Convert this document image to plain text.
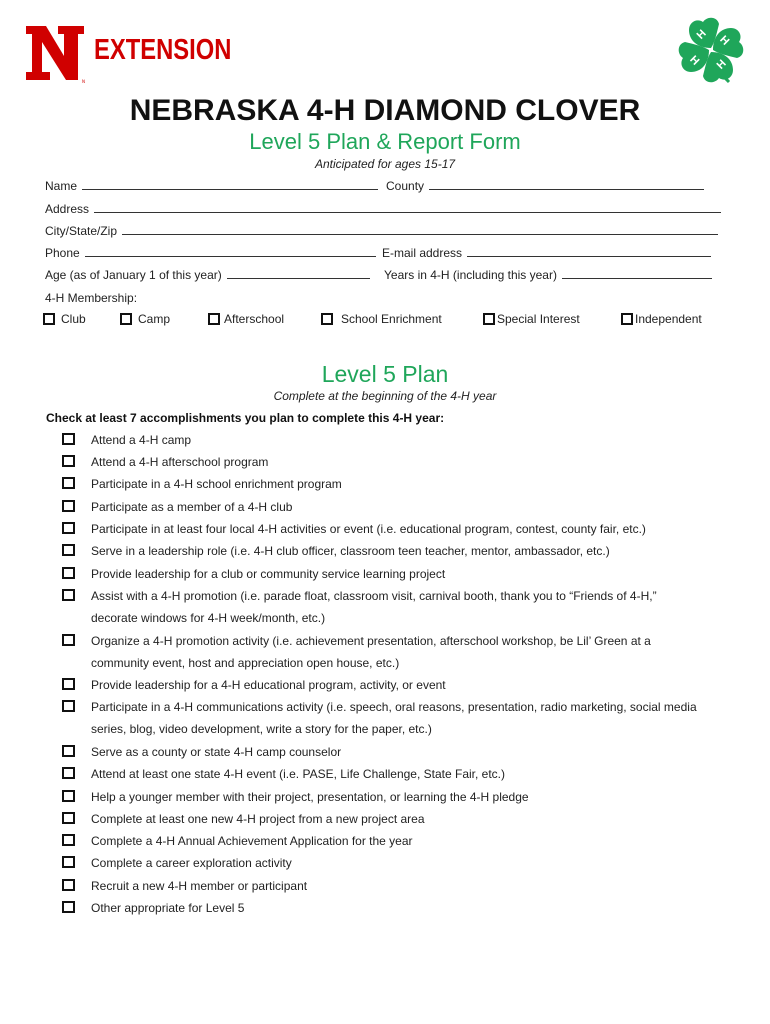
N
EXTENSION	H H
H
H
NEBRASKA 4-H DIAMOND CLOVER
Level 5 Plan & Report Form
Anticipated for ages 15-17
Name	County
Address
City/State/Zip
Phone	E-mail address
Age (as of January 1 of this year)	Years in 4-H (including this year)
4-H Membership:
Club	Camp	Afterschool	School Enrichment	Special Interest	Independent
Level 5 Plan
Complete at the beginning of the 4-H year
Check at least 7 accomplishments you plan to complete this 4-H year:
Attend a 4-H camp
Attend a 4-H afterschool program
Participate in a 4-H school enrichment program
Participate as a member of a 4-H club
Participate in at least four local 4-H activities or event (i.e. educational program, contest, county fair, etc.)
Serve in a leadership role (i.e. 4-H club officer, classroom teen teacher, mentor, ambassador, etc.)
Provide leadership for a club or community service learning project
Assist with a 4-H promotion (i.e. parade float, classroom visit, carnival booth, thank you to “Friends of 4-H,” decorate windows for 4-H week/month, etc.)
Organize a 4-H promotion activity (i.e. achievement presentation, afterschool workshop, be Lil’ Green at a community event, host and appreciation open house, etc.)
Provide leadership for a 4-H educational program, activity, or event
Participate in a 4-H communications activity (i.e. speech, oral reasons, presentation, radio marketing, social media series, blog, video development, write a story for the paper, etc.)
Serve as a county or state 4-H camp counselor
Attend at least one state 4-H event (i.e. PASE, Life Challenge, State Fair, etc.)
Help a younger member with their project, presentation, or learning the 4-H pledge
Complete at least one new 4-H project from a new project area
Complete a 4-H Annual Achievement Application for the year
Complete a career exploration activity
Recruit a new 4-H member or participant
Other appropriate for Level 5
